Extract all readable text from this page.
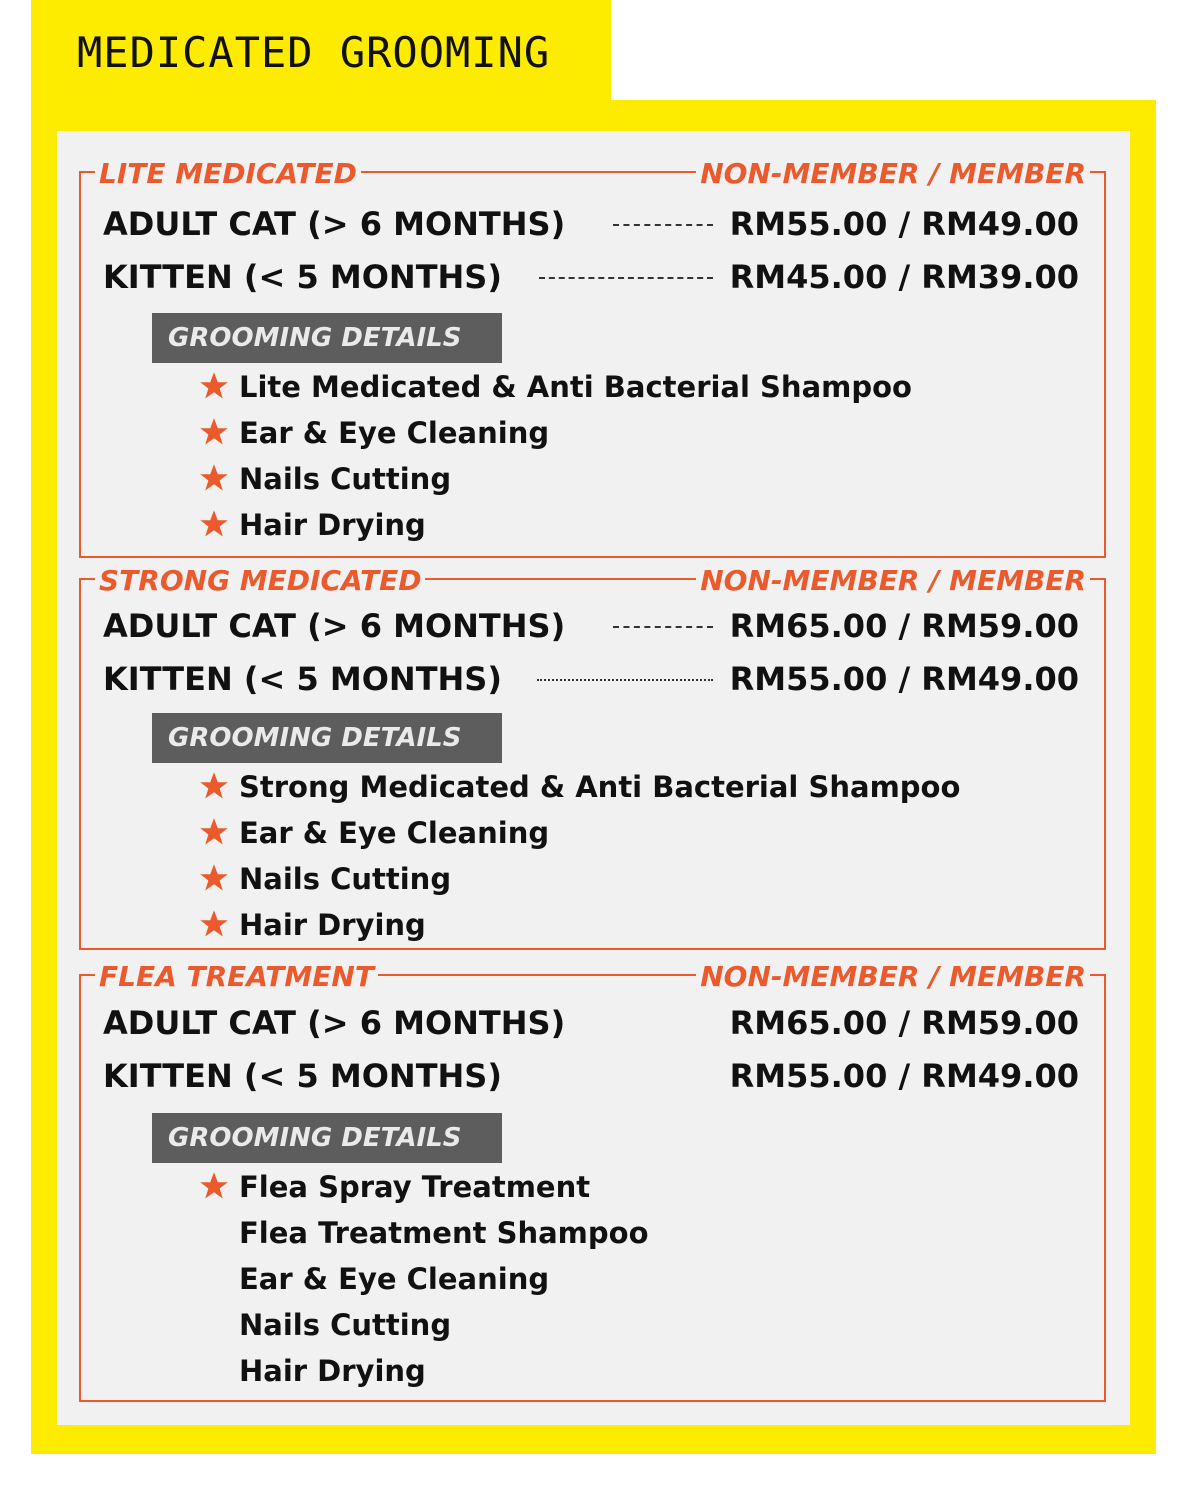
MEDICATED GROOMING
LITE MEDICATED	NON-MEMBER / MEMBER
ADULT CAT (> 6 MONTHS)	RM55.00 / RM49.00
KITTEN (< 5 MONTHS)	RM45.00 / RM39.00
GROOMING DETAILS
Lite Medicated & Anti Bacterial Shampoo
Ear & Eye Cleaning
Nails Cutting
Hair Drying
STRONG MEDICATED	NON-MEMBER / MEMBER
ADULT CAT (> 6 MONTHS)	RM65.00 / RM59.00
KITTEN (< 5 MONTHS)	RM55.00 / RM49.00
GROOMING DETAILS
Strong Medicated & Anti Bacterial Shampoo
Ear & Eye Cleaning
Nails Cutting
Hair Drying
FLEA TREATMENT	NON-MEMBER / MEMBER
ADULT CAT (> 6 MONTHS)	RM65.00 / RM59.00
KITTEN (< 5 MONTHS)	RM55.00 / RM49.00
GROOMING DETAILS
Flea Spray Treatment
Flea Treatment Shampoo
Ear & Eye Cleaning
Nails Cutting
Hair Drying
